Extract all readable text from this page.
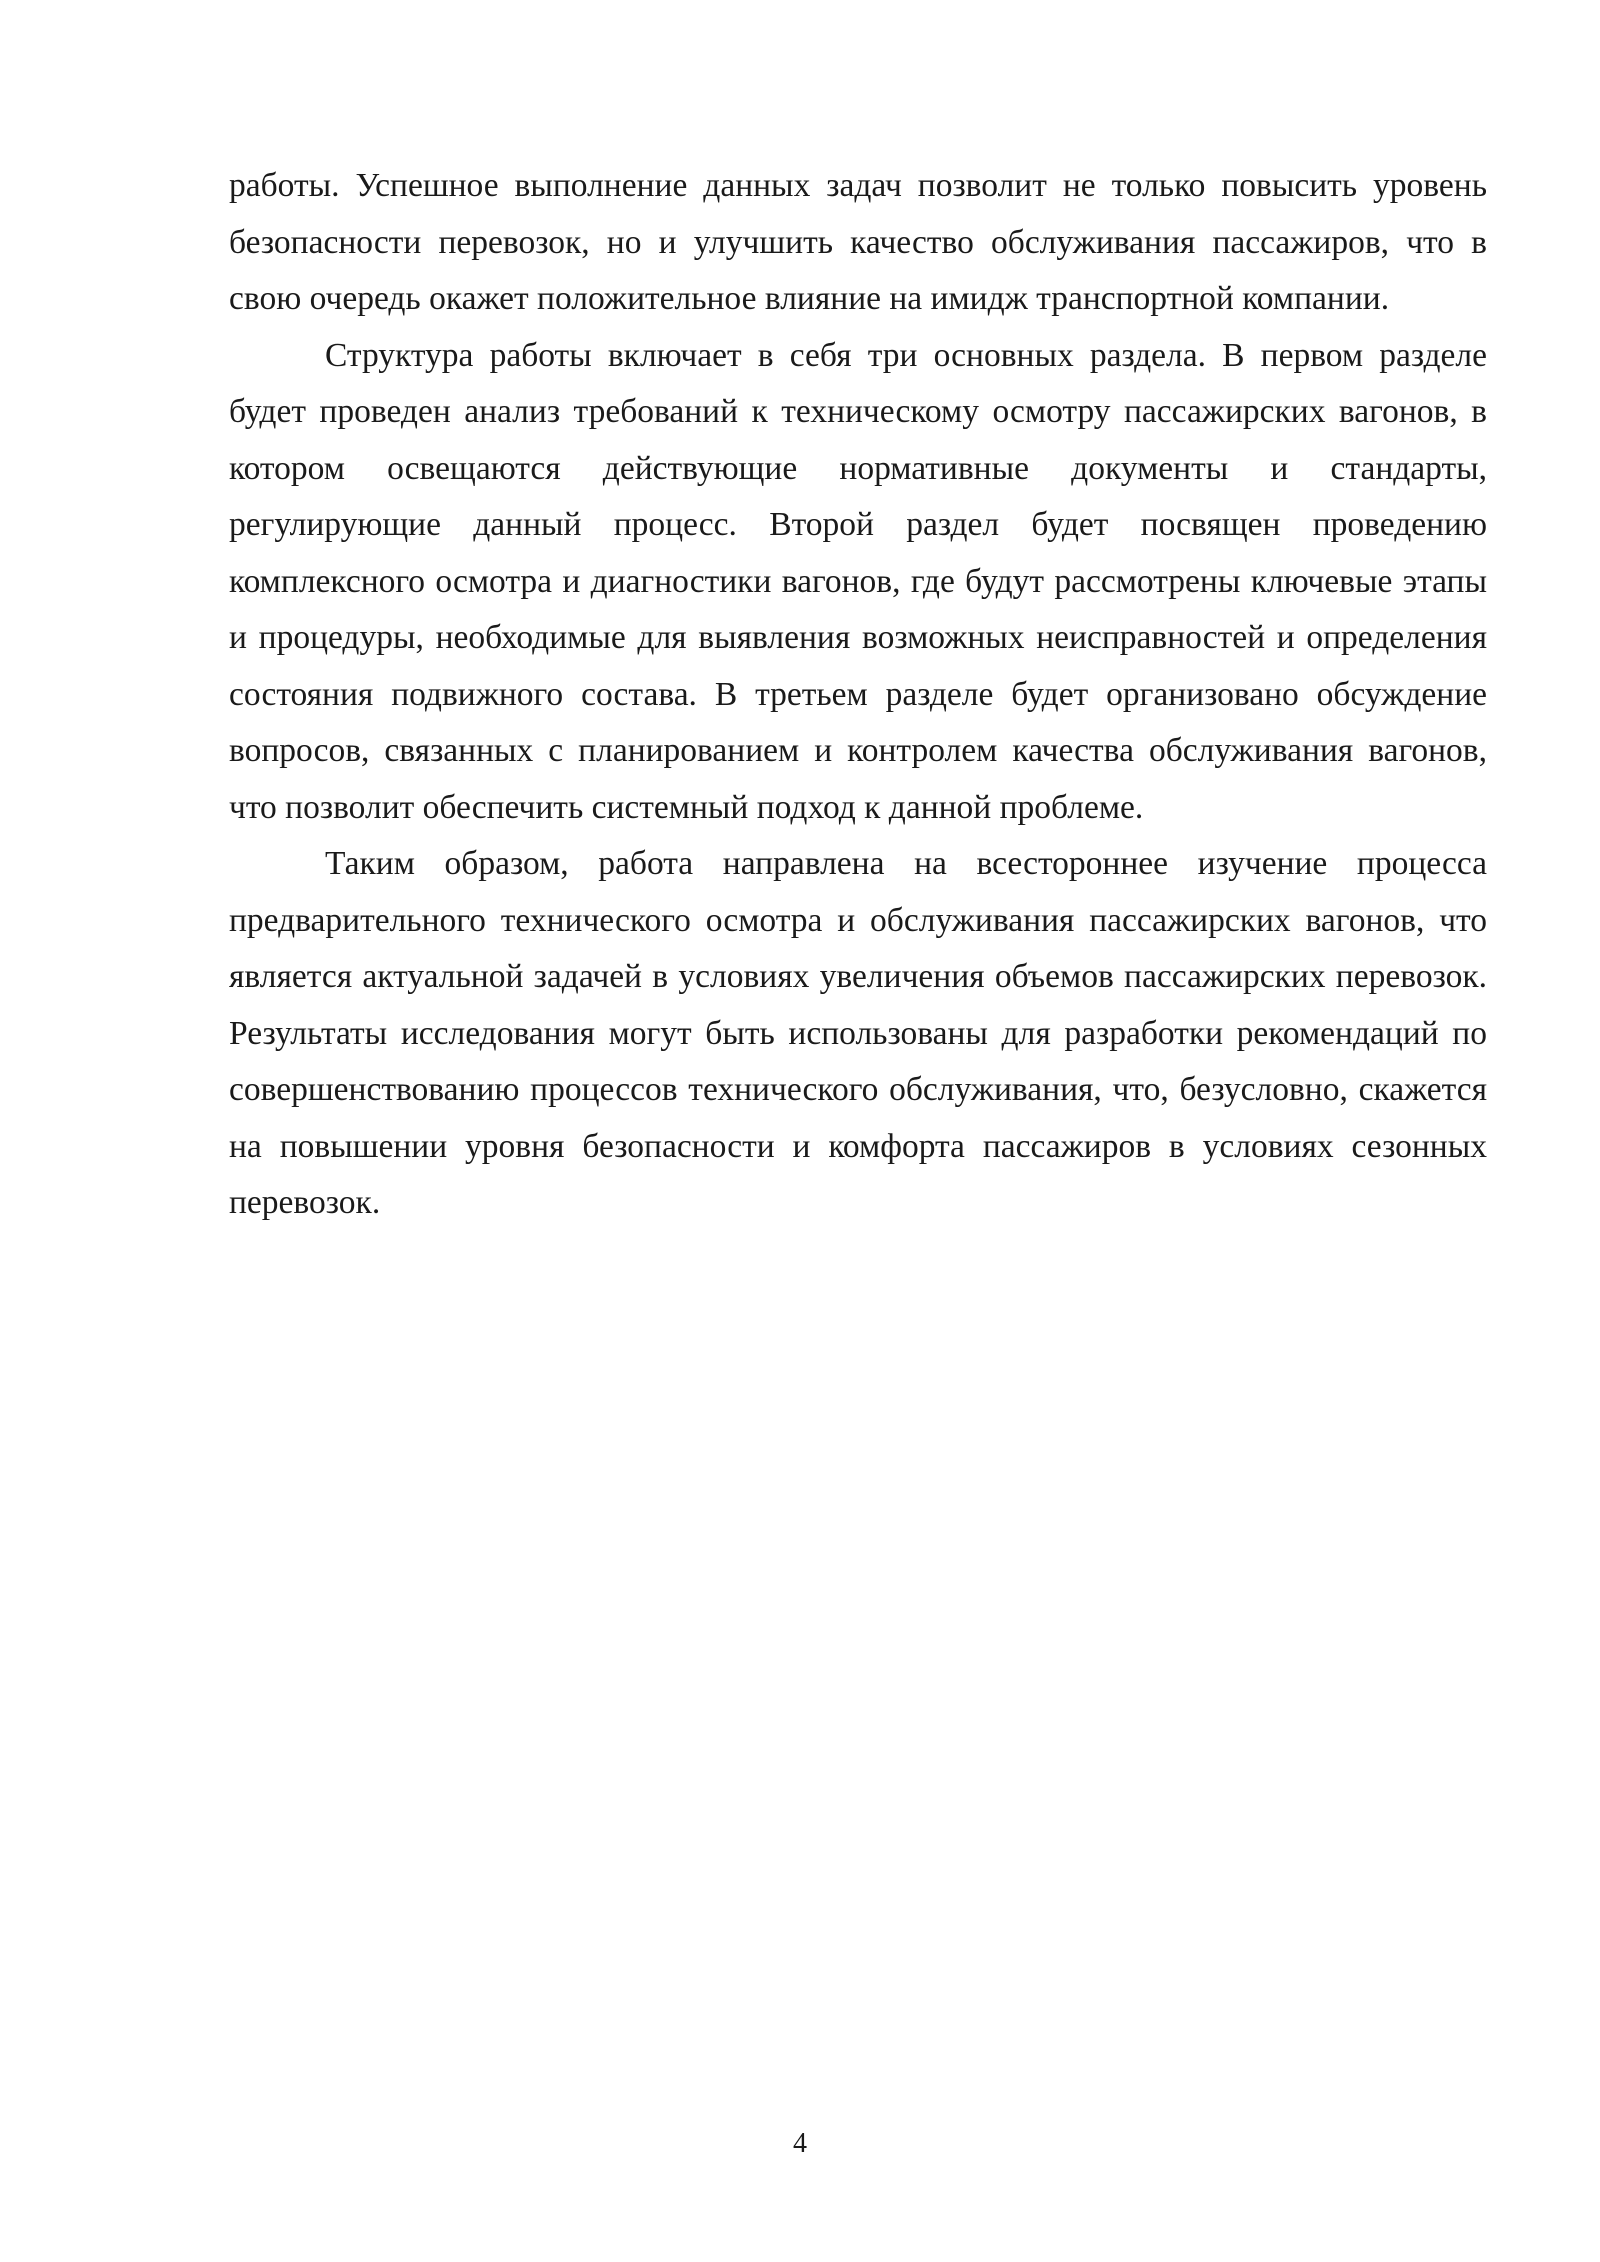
работы. Успешное выполнение данных задач позволит не только повысить уровень безопасности перевозок, но и улучшить качество обслуживания пассажиров, что в свою очередь окажет положительное влияние на имидж транспортной компании.

Структура работы включает в себя три основных раздела. В первом разделе будет проведен анализ требований к техническому осмотру пассажирских вагонов, в котором освещаются действующие нормативные документы и стандарты, регулирующие данный процесс. Второй раздел будет посвящен проведению комплексного осмотра и диагностики вагонов, где будут рассмотрены ключевые этапы и процедуры, необходимые для выявления возможных неисправностей и определения состояния подвижного состава. В третьем разделе будет организовано обсуждение вопросов, связанных с планированием и контролем качества обслуживания вагонов, что позволит обеспечить системный подход к данной проблеме.

Таким образом, работа направлена на всестороннее изучение процесса предварительного технического осмотра и обслуживания пассажирских вагонов, что является актуальной задачей в условиях увеличения объемов пассажирских перевозок. Результаты исследования могут быть использованы для разработки рекомендаций по совершенствованию процессов технического обслуживания, что, безусловно, скажется на повышении уровня безопасности и комфорта пассажиров в условиях сезонных перевозок.

4
